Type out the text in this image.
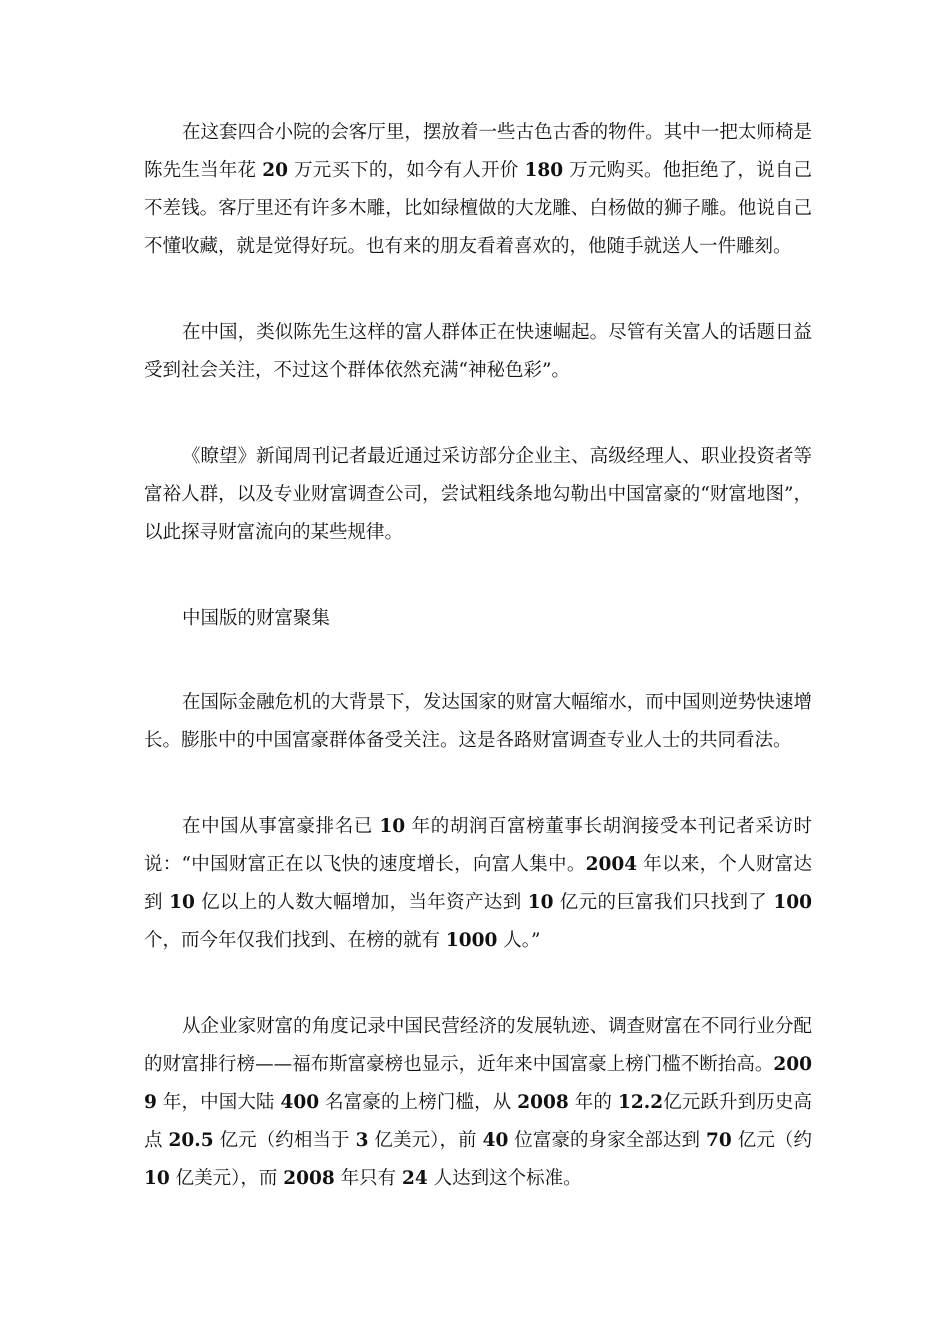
在这套四合小院的会客厅里，摆放着一些古色古香的物件。其中一把太师椅是陈先生当年花 20 万元买下的，如今有人开价 180 万元购买。他拒绝了，说自己不差钱。客厅里还有许多木雕，比如绿檀做的大龙雕、白杨做的狮子雕。他说自己不懂收藏，就是觉得好玩。也有来的朋友看着喜欢的，他随手就送人一件雕刻。

在中国，类似陈先生这样的富人群体正在快速崛起。尽管有关富人的话题日益受到社会关注，不过这个群体依然充满“神秘色彩”。

《瞭望》新闻周刊记者最近通过采访部分企业主、高级经理人、职业投资者等富裕人群，以及专业财富调查公司，尝试粗线条地勾勒出中国富豪的“财富地图”，以此探寻财富流向的某些规律。

中国版的财富聚集

在国际金融危机的大背景下，发达国家的财富大幅缩水，而中国则逆势快速增长。膨胀中的中国富豪群体备受关注。这是各路财富调查专业人士的共同看法。

在中国从事富豪排名已 10 年的胡润百富榜董事长胡润接受本刊记者采访时说：“中国财富正在以飞快的速度增长，向富人集中。2004 年以来，个人财富达到 10 亿以上的人数大幅增加，当年资产达到 10 亿元的巨富我们只找到了 100 个，而今年仅我们找到、在榜的就有 1000 人。”

从企业家财富的角度记录中国民营经济的发展轨迹、调查财富在不同行业分配的财富排行榜——福布斯富豪榜也显示，近年来中国富豪上榜门槛不断抬高。2009 年，中国大陆 400 名富豪的上榜门槛，从 2008 年的 12.2亿元跃升到历史高点 20.5 亿元（约相当于 3 亿美元），前 40 位富豪的身家全部达到 70 亿元（约 10 亿美元），而 2008 年只有 24 人达到这个标准。
